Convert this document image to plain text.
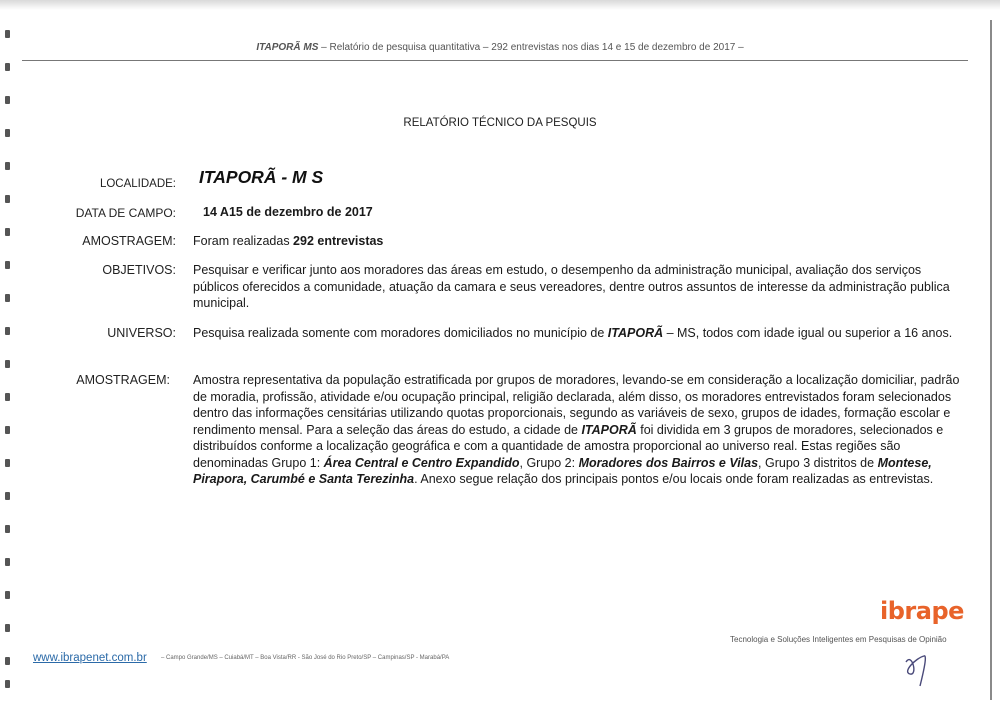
ITAPORÃ MS – Relatório de pesquisa quantitativa – 292 entrevistas nos dias 14 e 15 de dezembro de 2017 –
RELATÓRIO TÉCNICO DA PESQUIS
LOCALIDADE: ITAPORÃ - M S
DATA DE CAMPO: 14 A15 de dezembro de 2017
AMOSTRAGEM: Foram realizadas 292 entrevistas
OBJETIVOS: Pesquisar e verificar junto aos moradores das áreas em estudo, o desempenho da administração municipal, avaliação dos serviços públicos oferecidos a comunidade, atuação da camara e seus vereadores, dentre outros assuntos de interesse da administração publica municipal.
UNIVERSO: Pesquisa realizada somente com moradores domiciliados no município de ITAPORÃ – MS, todos com idade igual ou superior a 16 anos.
AMOSTRAGEM: Amostra representativa da população estratificada por grupos de moradores, levando-se em consideração a localização domiciliar, padrão de moradia, profissão, atividade e/ou ocupação principal, religião declarada, além disso, os moradores entrevistados foram selecionados dentro das informações censitárias utilizando quotas proporcionais, segundo as variáveis de sexo, grupos de idades, formação escolar e rendimento mensal. Para a seleção das áreas do estudo, a cidade de ITAPORÃ foi dividida em 3 grupos de moradores, selecionados e distribuídos conforme a localização geográfica e com a quantidade de amostra proporcional ao universo real. Estas regiões são denominadas Grupo 1: Área Central e Centro Expandido, Grupo 2: Moradores dos Bairros e Vilas, Grupo 3 distritos de Montese, Pirapora, Carumbé e Santa Terezinha. Anexo segue relação dos principais pontos e/ou locais onde foram realizadas as entrevistas.
ibrape
Tecnologia e Soluções Inteligentes em Pesquisas de Opinião
www.ibrapenet.com.br – Campo Grande/MS – Cuiabá/MT – Boa Vista/RR - São José do Rio Preto/SP – Campinas/SP - Marabá/PA
